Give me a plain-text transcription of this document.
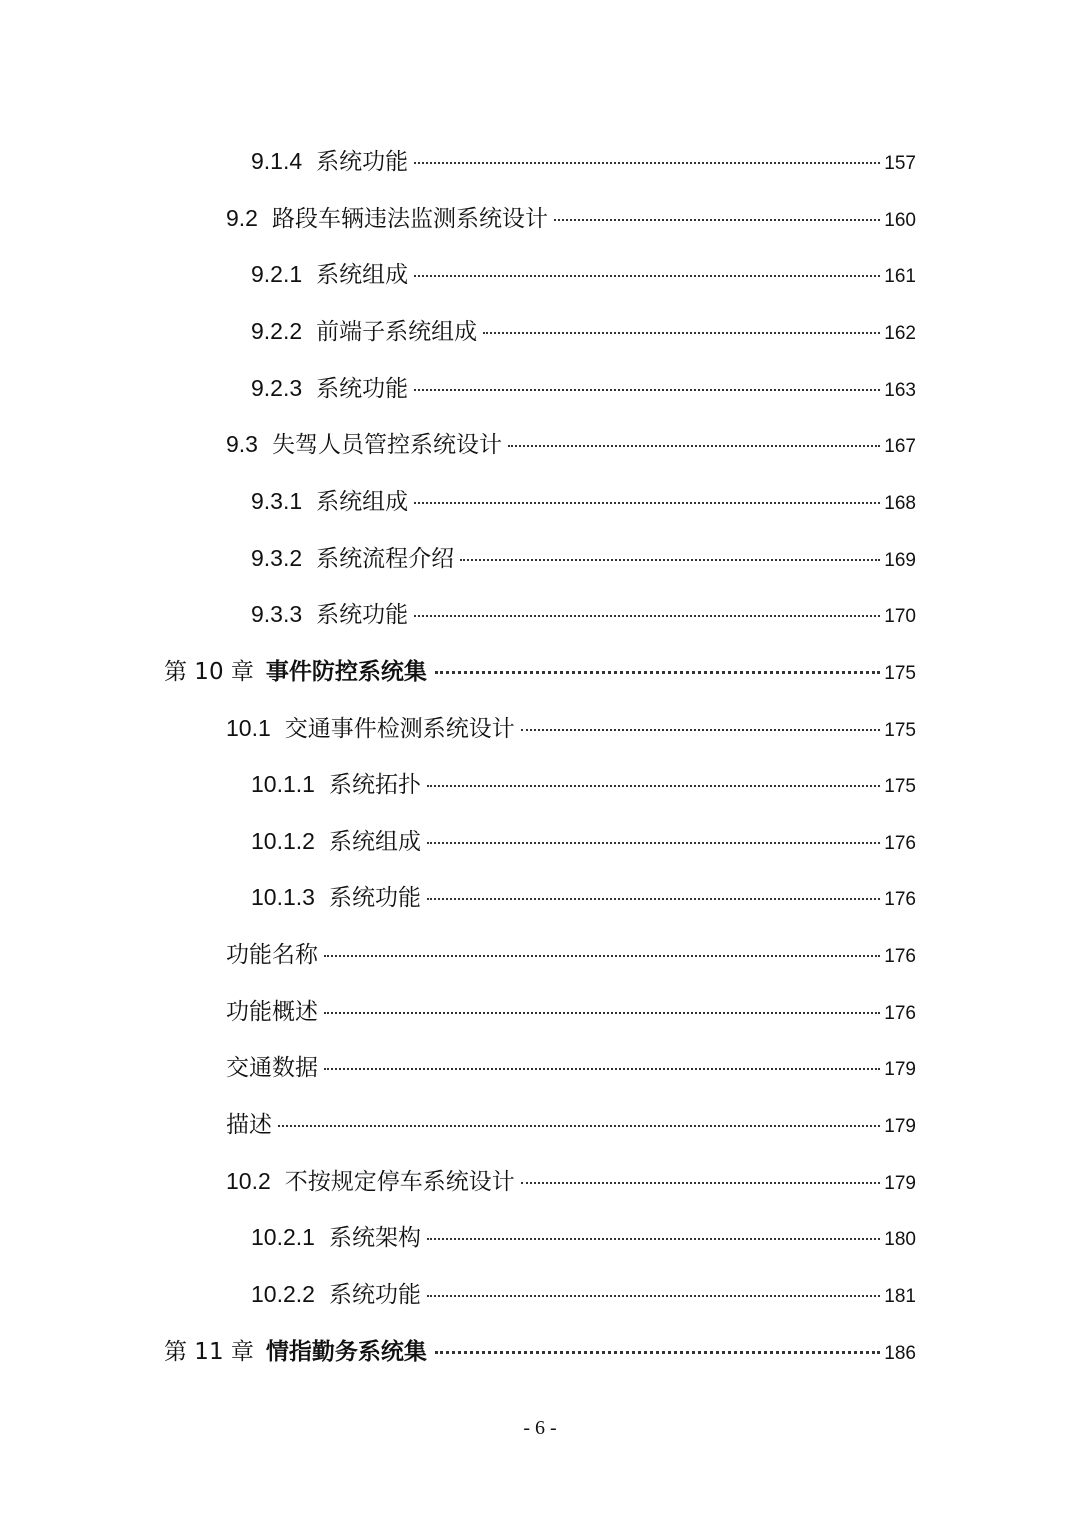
9.1.4 系统功能	157
9.2 路段车辆违法监测系统设计	160
9.2.1 系统组成	161
9.2.2 前端子系统组成	162
9.2.3 系统功能	163
9.3 失驾人员管控系统设计	167
9.3.1 系统组成	168
9.3.2 系统流程介绍	169
9.3.3 系统功能	170
第 10 章 事件防控系统集	175
10.1 交通事件检测系统设计	175
10.1.1 系统拓扑	175
10.1.2 系统组成	176
10.1.3 系统功能	176
功能名称	176
功能概述	176
交通数据	179
描述	179
10.2 不按规定停车系统设计	179
10.2.1 系统架构	180
10.2.2 系统功能	181
第 11 章 情指勤务系统集	186
- 6 -
